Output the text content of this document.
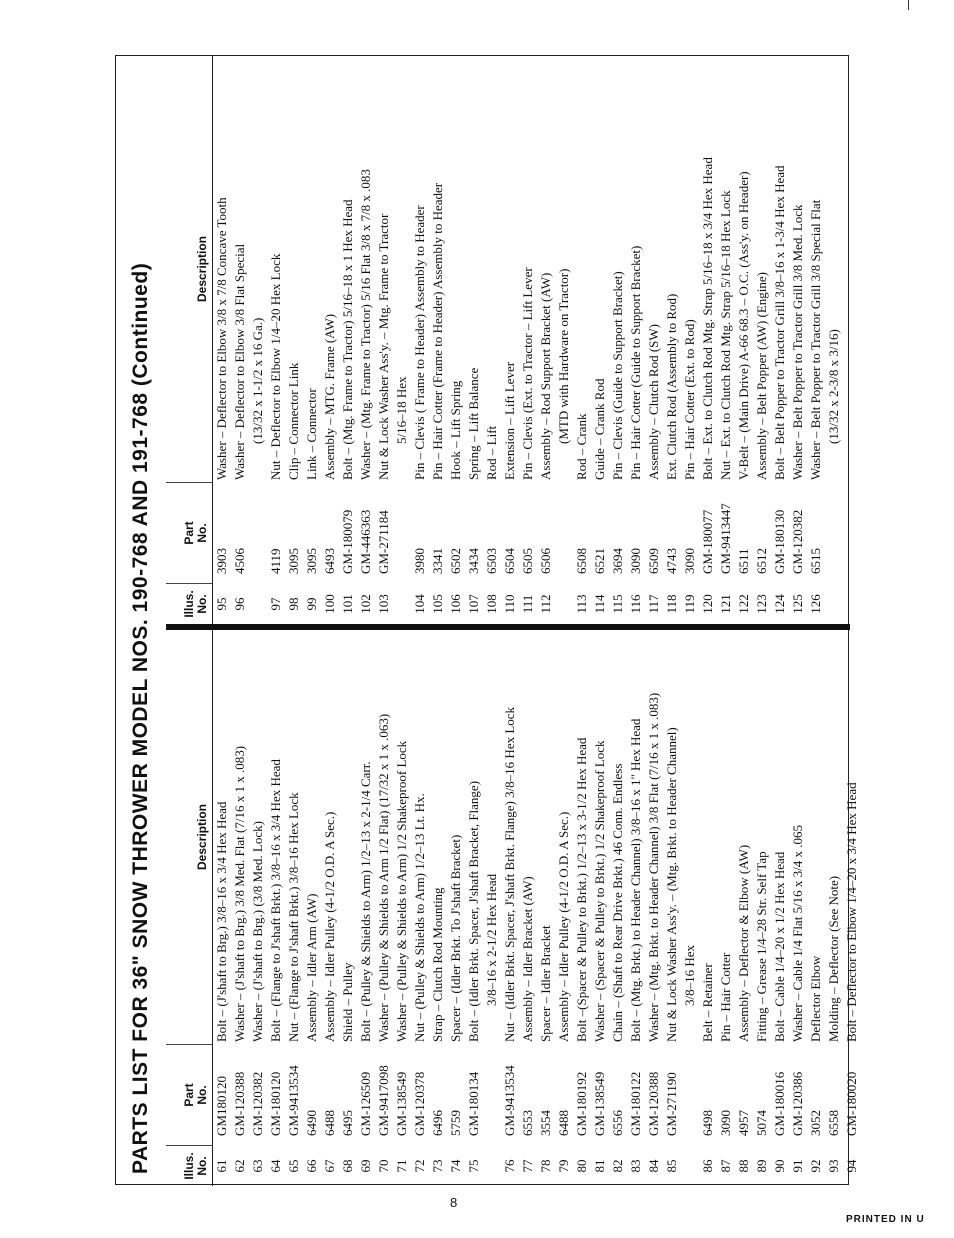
PARTS LIST FOR 36" SNOW THROWER MODEL NOS. 190-768 AND 191-768 (Continued)	Illus.
No.
Part
No.
Description
61
GM180120
Bolt – (J'shaft to Brg.) 3/8–16 x 3/4 Hex Head
62
GM-120388
Washer – (J'shaft to Brg.) 3/8 Med. Flat (7/16 x 1 x .083)
63
GM-120382
Washer – (J'shaft to Brg.) (3/8 Med. Lock)
64
GM-180120
Bolt – (Flange to J'shaft Brkt.) 3/8–16 x 3/4 Hex Head
65
GM-9413534
Nut – (Flange to J'shaft Brkt.) 3/8–16 Hex Lock
66
6490
Assembly – Idler Arm (AW)
67
6488
Assembly – Idler Pulley (4-1/2 O.D. A Sec.)
68
6495
Shield – Pulley
69
GM-126509
Bolt – (Pulley & Shields to Arm) 1/2–13 x 2-1/4 Carr.
70
GM-9417098
Washer – (Pulley & Shields to Arm 1/2 Flat) (17/32 x 1 x .063)
71
GM-138549
Washer – (Pulley & Shields to Arm) 1/2 Shakeproof Lock
72
GM-120378
Nut – (Pulley & Shields to Arm) 1/2–13 Lt. Hx.
73
6496
Strap – Clutch Rod Mounting
74
5759
Spacer – (Idler Brkt. To J'shaft Bracket)
75
GM-180134
Bolt – (Idler Brkt. Spacer, J'shaft Bracket, Flange) 3/8–16 x 2-1/2 Hex Head
76
GM-9413534
Nut – (Idler Brkt. Spacer, J'shaft Brkt. Flange) 3/8–16 Hex Lock
77
6553
Assembly – Idler Bracket (AW)
78
3554
Spacer – Idler Bracket
79
6488
Assembly – Idler Pulley (4-1/2 O.D. A Sec.)
80
GM-180192
Bolt –(Spacer & Pulley to Brkt.) 1/2–13 x 3-1/2 Hex Head
81
GM-138549
Washer – (Spacer & Pulley to Brkt.) 1/2 Shakeproof Lock
82
6556
Chain – (Shaft to Rear Drive Brkt.) 46 Conn. Endless
83
GM-180122
Bolt – (Mtg. Brkt.) to Header Channel) 3/8–16 x 1" Hex Head
84
GM-120388
Washer – (Mtg. Brkt. to Header Channel) 3/8 Flat (7/16 x 1 x .083)
85
GM-271190
Nut & Lock Washer Ass'y. – (Mtg. Brkt. to Header Channel) 3/8–16 Hex
86
6498
Belt – Retainer
87
3090
Pin – Hair Cotter
88
4957
Assembly – Deflector & Elbow (AW)
89
5074
Fitting – Grease 1/4–28 Str. Self Tap
90
GM-180016
Bolt – Cable 1/4–20 x 1/2 Hex Head
91
GM-120386
Washer – Cable 1/4 Flat 5/16 x 3/4 x .065
92
3052
Deflector Elbow
93
6558
Molding – Deflector (See Note)
94
GM-180020
Bolt – Deflector to Elbow 1/4–20 x 3/4 Hex Head
Illus.
No.
Part
No.
Description
95
3903
Washer – Deflector to Elbow 3/8 x 7/8 Concave Tooth
96
4506
Washer – Deflector to Elbow 3/8 Flat Special (13/32 x 1-1/2 x 16 Ga.)
97
4119
Nut – Deflector to Elbow 1/4–20 Hex Lock
98
3095
Clip – Connector Link
99
3095
Link – Connector
100
6493
Assembly – MTG. Frame (AW)
101
GM-180079
Bolt – (Mtg. Frame to Tractor) 5/16–18 x 1 Hex Head
102
GM-446363
Washer – (Mtg. Frame to Tractor) 5/16 Flat 3/8 x 7/8 x .083
103
GM-271184
Nut & Lock Washer Ass'y. – Mtg. Frame to Tractor 5/16–18 Hex
104
3980
Pin – Clevis ( Frame to Header) Assembly to Header
105
3341
Pin – Hair Cotter (Frame to Header) Assembly to Header
106
6502
Hook – Lift Spring
107
3434
Spring – Lift Balance
108
6503
Rod – Lift
110
6504
Extension – Lift Lever
111
6505
Pin – Clevis (Ext. to Tractor – Lift Lever
112
6506
Assembly – Rod Support Bracket (AW) (MTD with Hardware on Tractor)
113
6508
Rod – Crank
114
6521
Guide – Crank Rod
115
3694
Pin – Clevis (Guide to Support Bracket)
116
3090
Pin – Hair Cotter (Guide to Support Bracket)
117
6509
Assembly – Clutch Rod (SW)
118
4743
Ext. Clutch Rod (Assembly to Rod)
119
3090
Pin – Hair Cotter (Ext. to Rod)
120
GM-180077
Bolt – Ext. to Clutch Rod Mtg. Strap 5/16–18 x 3/4 Hex Head
121
GM-9413447
Nut – Ext. to Clutch Rod Mtg. Strap 5/16–18 Hex Lock
122
6511
V-Belt – (Main Drive) A-66 68.3 – O.C. (Ass'y. on Header)
123
6512
Assembly – Belt Popper (AW) (Engine)
124
GM-180130
Bolt – Belt Popper to Tractor Grill 3/8–16 x 1-3/4 Hex Head
125
GM-120382
Washer – Belt Popper to Tractor Grill 3/8 Med. Lock
126
6515
Washer – Belt Popper to Tractor Grill 3/8 Special Flat (13/32 x 2-3/8 x 3/16)
8
PRINTED IN U
